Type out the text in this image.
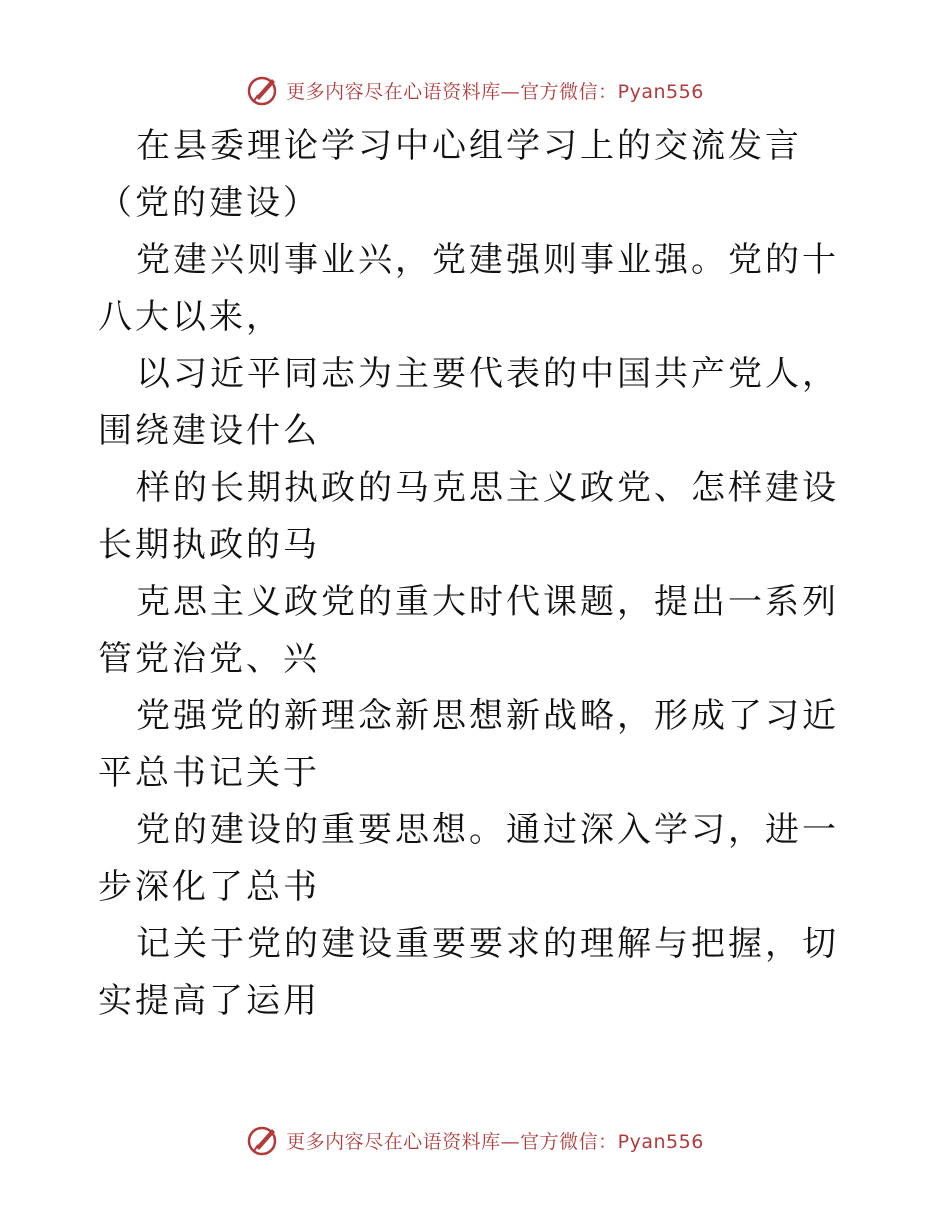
更多内容尽在心语资料库—官方微信：Pyan556

在县委理论学习中心组学习上的交流发言（党的建设）

党建兴则事业兴，党建强则事业强。党的十八大以来，

以习近平同志为主要代表的中国共产党人，围绕建设什么

样的长期执政的马克思主义政党、怎样建设长期执政的马

克思主义政党的重大时代课题，提出一系列管党治党、兴

党强党的新理念新思想新战略，形成了习近平总书记关于

党的建设的重要思想。通过深入学习，进一步深化了总书

记关于党的建设重要要求的理解与把握，切实提高了运用

更多内容尽在心语资料库—官方微信：Pyan556
